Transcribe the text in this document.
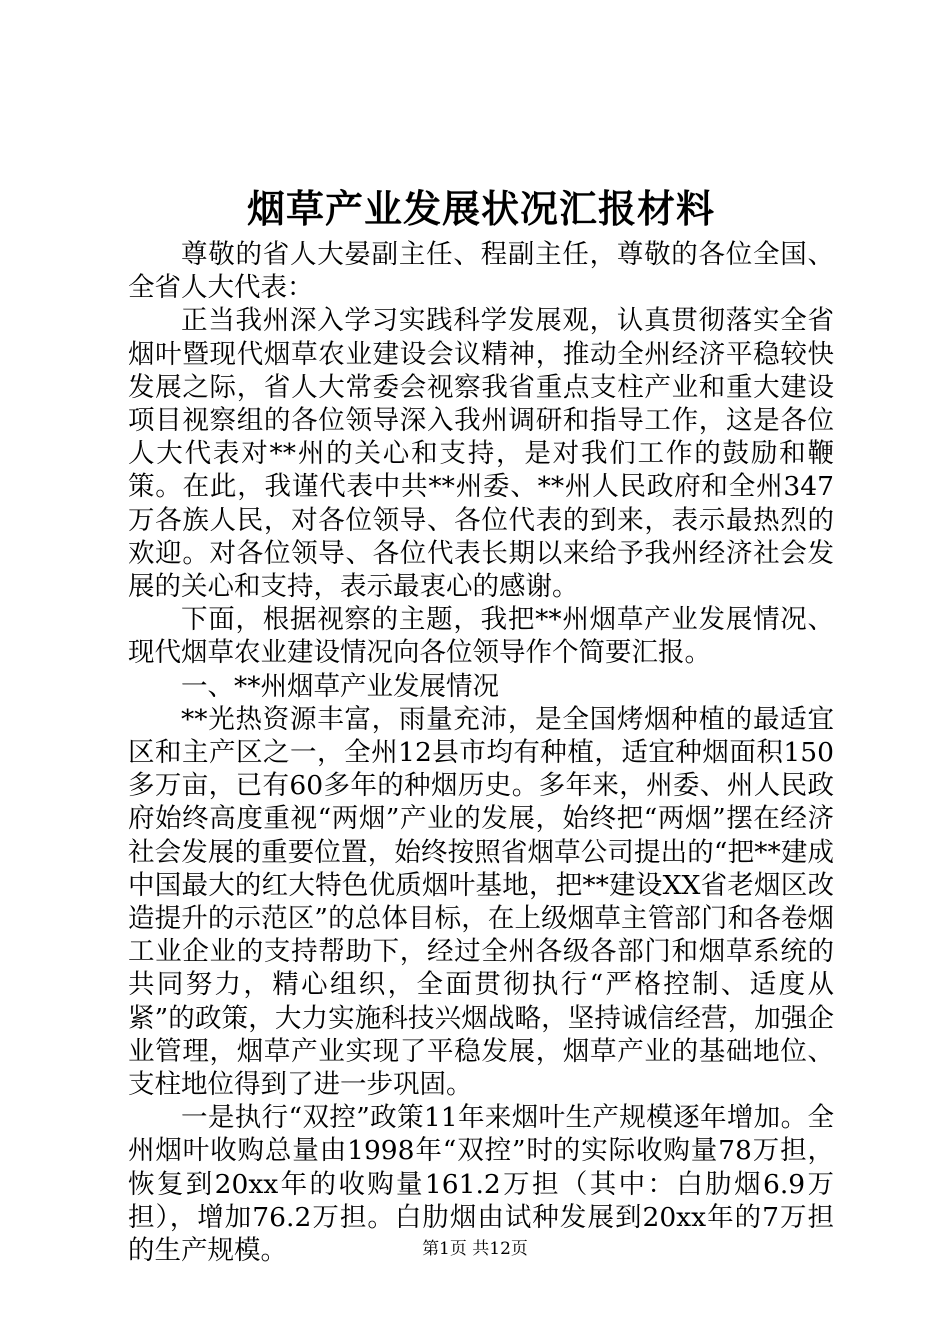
烟草产业发展状况汇报材料

尊敬的省人大晏副主任、程副主任，尊敬的各位全国、全省人大代表：

正当我州深入学习实践科学发展观，认真贯彻落实全省烟叶暨现代烟草农业建设会议精神，推动全州经济平稳较快发展之际，省人大常委会视察我省重点支柱产业和重大建设项目视察组的各位领导深入我州调研和指导工作，这是各位人大代表对**州的关心和支持，是对我们工作的鼓励和鞭策。在此，我谨代表中共**州委、**州人民政府和全州347万各族人民，对各位领导、各位代表的到来，表示最热烈的欢迎。对各位领导、各位代表长期以来给予我州经济社会发展的关心和支持，表示最衷心的感谢。

下面，根据视察的主题，我把**州烟草产业发展情况、现代烟草农业建设情况向各位领导作个简要汇报。

一、**州烟草产业发展情况

**光热资源丰富，雨量充沛，是全国烤烟种植的最适宜区和主产区之一，全州12县市均有种植，适宜种烟面积150多万亩，已有60多年的种烟历史。多年来，州委、州人民政府始终高度重视“两烟”产业的发展，始终把“两烟”摆在经济社会发展的重要位置，始终按照省烟草公司提出的“把**建成中国最大的红大特色优质烟叶基地，把**建设XX省老烟区改造提升的示范区”的总体目标，在上级烟草主管部门和各卷烟工业企业的支持帮助下，经过全州各级各部门和烟草系统的共同努力，精心组织，全面贯彻执行“严格控制、适度从紧”的政策，大力实施科技兴烟战略，坚持诚信经营，加强企业管理，烟草产业实现了平稳发展，烟草产业的基础地位、支柱地位得到了进一步巩固。

一是执行“双控”政策11年来烟叶生产规模逐年增加。全州烟叶收购总量由1998年“双控”时的实际收购量78万担，恢复到20xx年的收购量161.2万担（其中：白肋烟6.9万担），增加76.2万担。白肋烟由试种发展到20xx年的7万担的生产规模。	第1页 共12页
